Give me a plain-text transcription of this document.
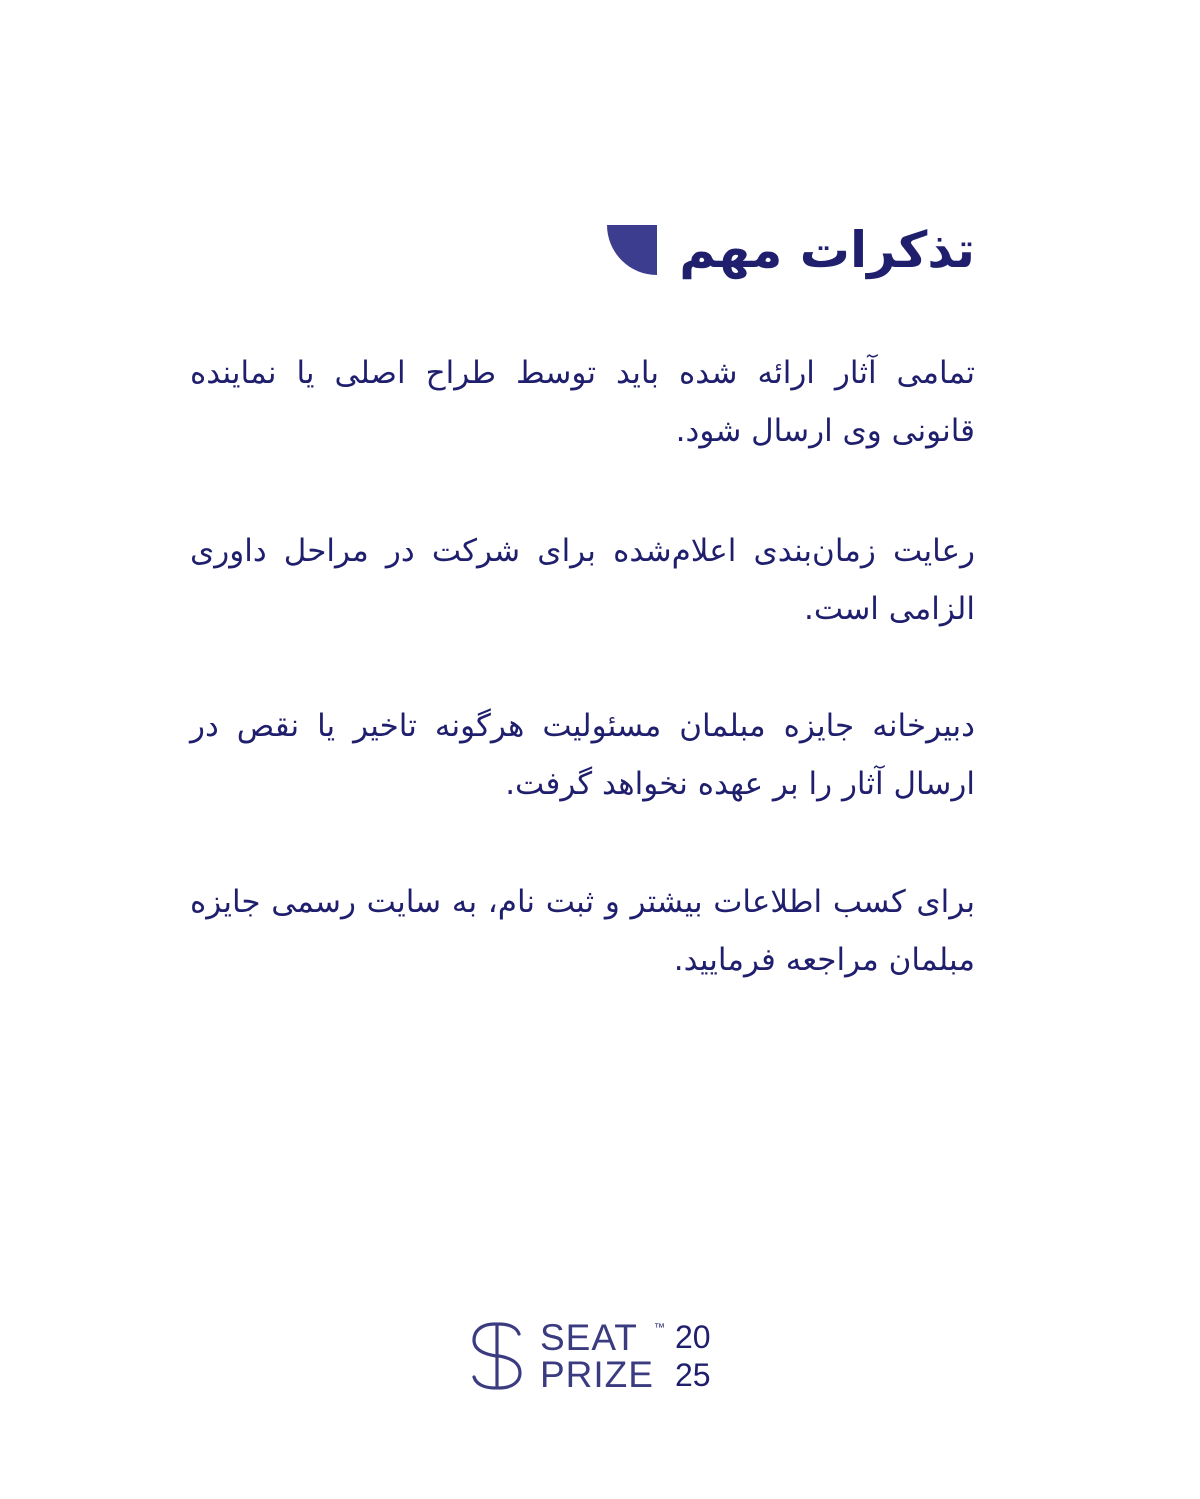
تذکرات مهم

تمامی آثار ارائه شده باید توسط طراح اصلی یا نماینده قانونی وی ارسال شود.

رعایت زمان‌بندی اعلام‌شده برای شرکت در مراحل داوری الزامی است.

دبیرخانه جایزه مبلمان مسئولیت هرگونه تاخیر یا نقص در ارسال آثار را بر عهده نخواهد گرفت.

برای کسب اطلاعات بیشتر و ثبت نام، به سایت رسمی جایزه مبلمان مراجعه فرمایید.

SEAT
PRIZE
™ 20
25
